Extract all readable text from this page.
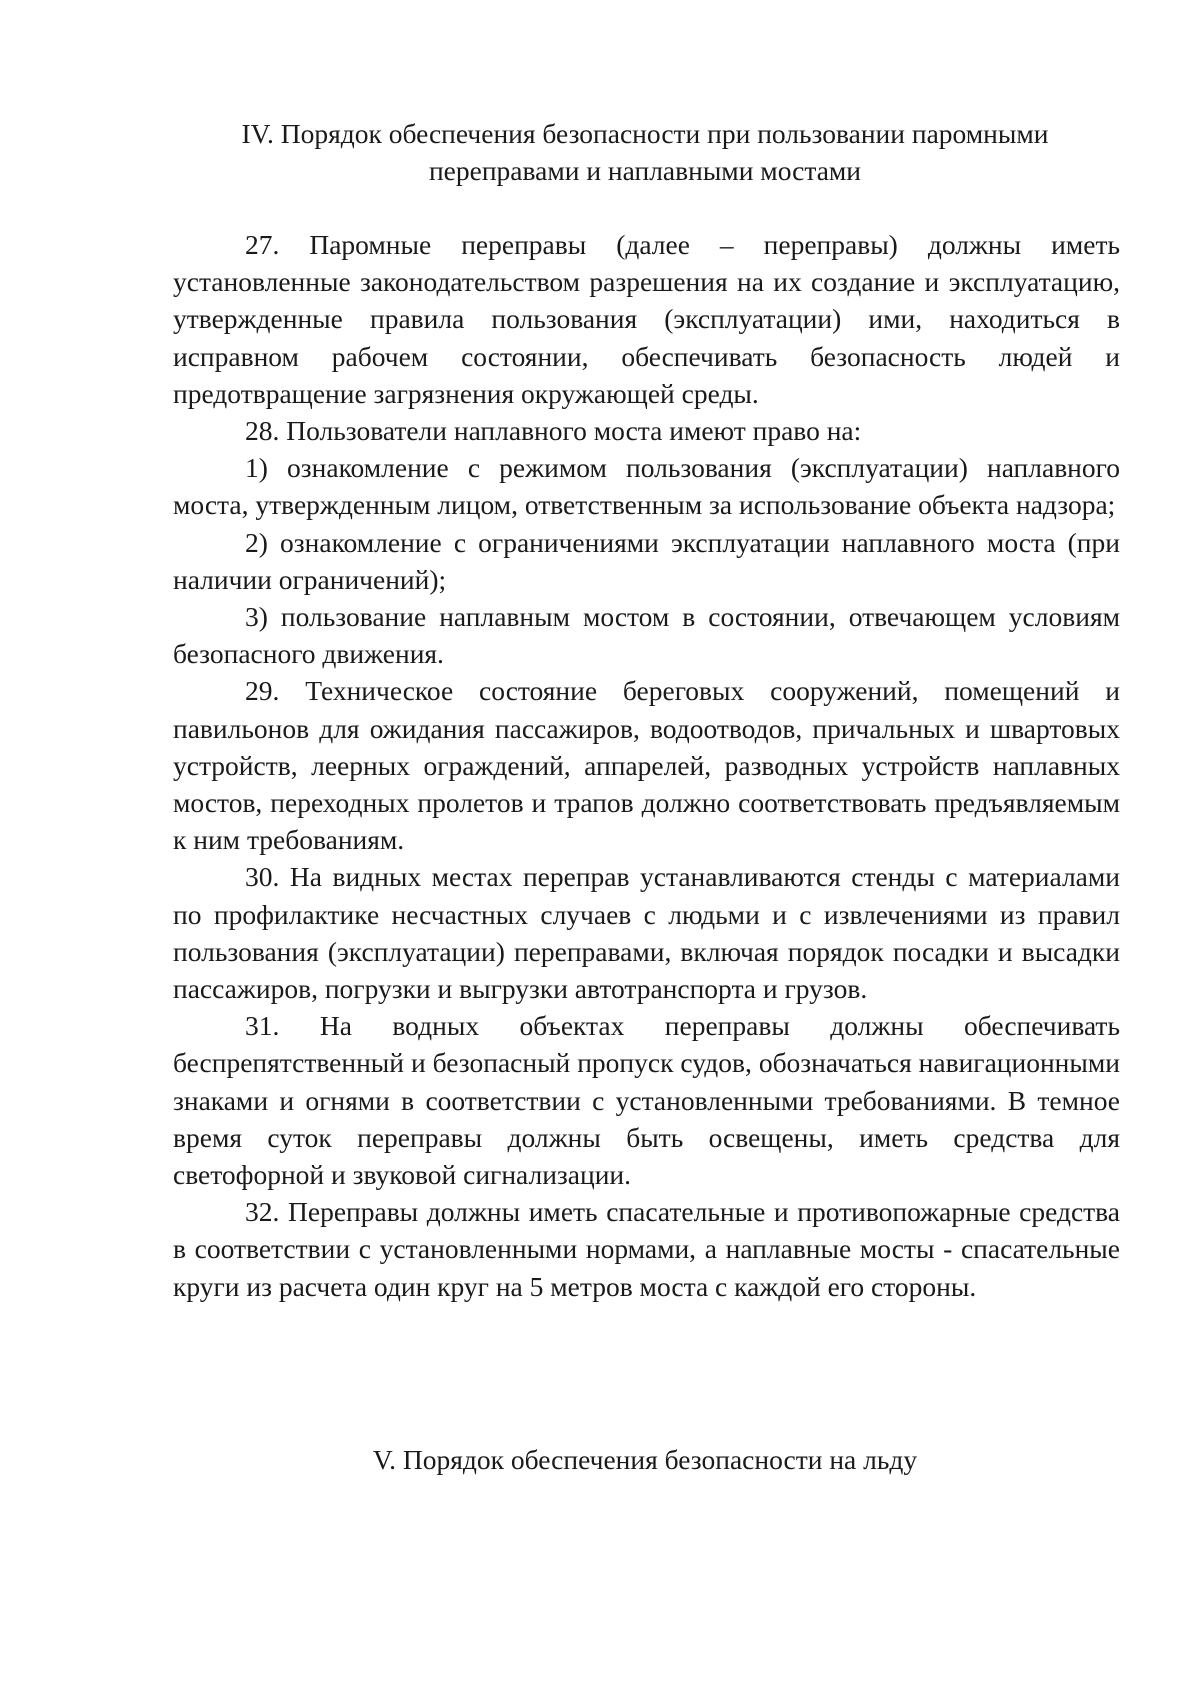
IV. Порядок обеспечения безопасности при пользовании паромными переправами и наплавными мостами

27. Паромные переправы (далее – переправы) должны иметь установленные законодательством разрешения на их создание и эксплуатацию, утвержденные правила пользования (эксплуатации) ими, находиться в исправном рабочем состоянии, обеспечивать безопасность людей и предотвращение загрязнения окружающей среды.

28. Пользователи наплавного моста имеют право на:

1) ознакомление с режимом пользования (эксплуатации) наплавного моста, утвержденным лицом, ответственным за использование объекта надзора;

2) ознакомление с ограничениями эксплуатации наплавного моста (при наличии ограничений);

3) пользование наплавным мостом в состоянии, отвечающем условиям безопасного движения.

29. Техническое состояние береговых сооружений, помещений и павильонов для ожидания пассажиров, водоотводов, причальных и швартовых устройств, леерных ограждений, аппарелей, разводных устройств наплавных мостов, переходных пролетов и трапов должно соответствовать предъявляемым к ним требованиям.

30. На видных местах переправ устанавливаются стенды с материалами по профилактике несчастных случаев с людьми и с извлечениями из правил пользования (эксплуатации) переправами, включая порядок посадки и высадки пассажиров, погрузки и выгрузки автотранспорта и грузов.

31. На водных объектах переправы должны обеспечивать беспрепятственный и безопасный пропуск судов, обозначаться навигационными знаками и огнями в соответствии с установленными требованиями. В темное время суток переправы должны быть освещены, иметь средства для светофорной и звуковой сигнализации.

32. Переправы должны иметь спасательные и противопожарные средства в соответствии с установленными нормами, а наплавные мосты - спасательные круги из расчета один круг на 5 метров моста с каждой его стороны.

V. Порядок обеспечения безопасности на льду
